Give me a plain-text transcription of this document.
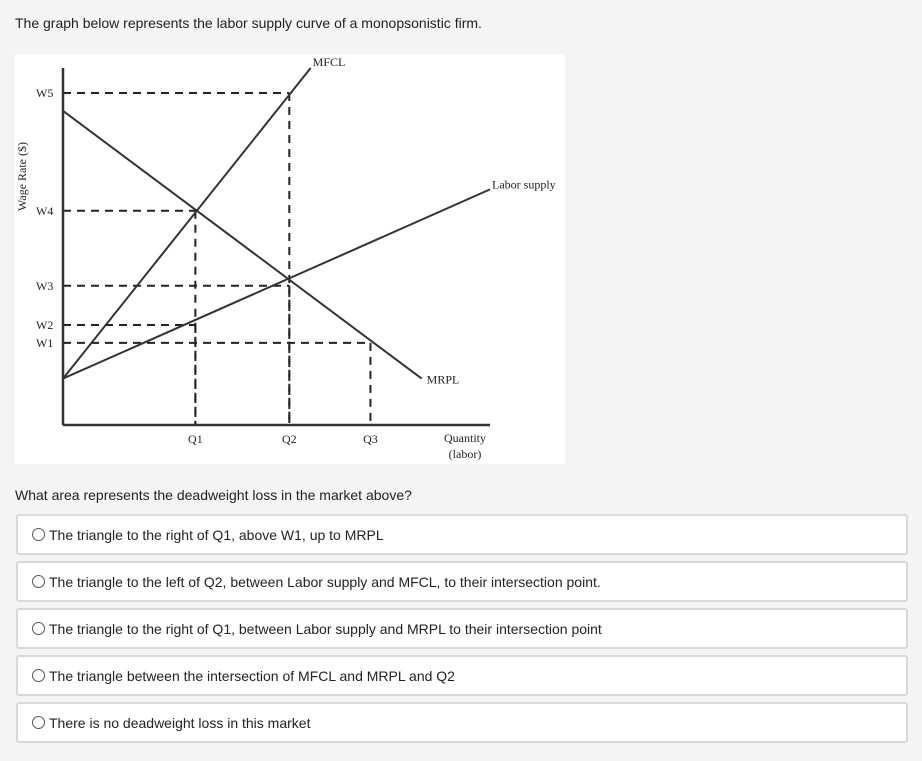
The graph below represents the labor supply curve of a monopsonistic firm.

MFCL
Labor supply
MRPL
W1
W2
W3
W4
W5
Q1	Q2	Q3
Wage Rate ($)
Quantity
(labor)

What area represents the deadweight loss in the market above?

The triangle to the right of Q1, above W1, up to MRPL
The triangle to the left of Q2, between Labor supply and MFCL, to their intersection point.
The triangle to the right of Q1, between Labor supply and MRPL to their intersection point
The triangle between the intersection of MFCL and MRPL and Q2
There is no deadweight loss in this market
